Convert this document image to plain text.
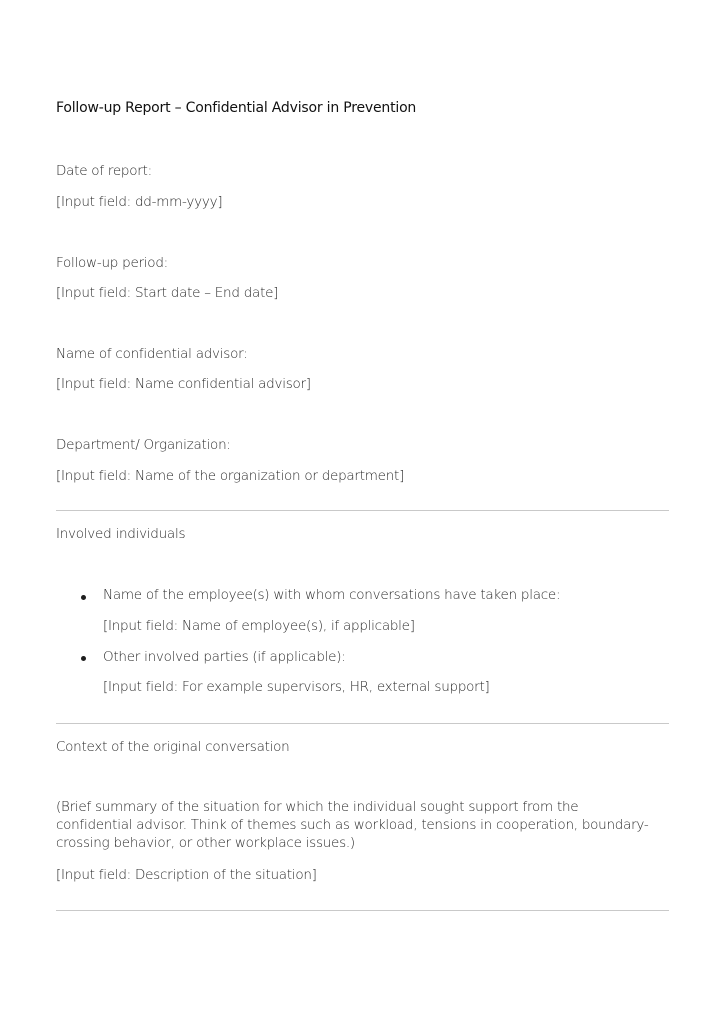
Follow-up Report – Confidential Advisor in Prevention
Date of report:
[Input field: dd-mm-yyyy]
Follow-up period:
[Input field: Start date – End date]
Name of confidential advisor:
[Input field: Name confidential advisor]
Department/ Organization:
[Input field: Name of the organization or department]
Involved individuals
Name of the employee(s) with whom conversations have taken place:
[Input field: Name of employee(s), if applicable]
Other involved parties (if applicable):
[Input field: For example supervisors, HR, external support]
Context of the original conversation
(Brief summary of the situation for which the individual sought support from the confidential advisor. Think of themes such as workload, tensions in cooperation, boundary-crossing behavior, or other workplace issues.)
[Input field: Description of the situation]
